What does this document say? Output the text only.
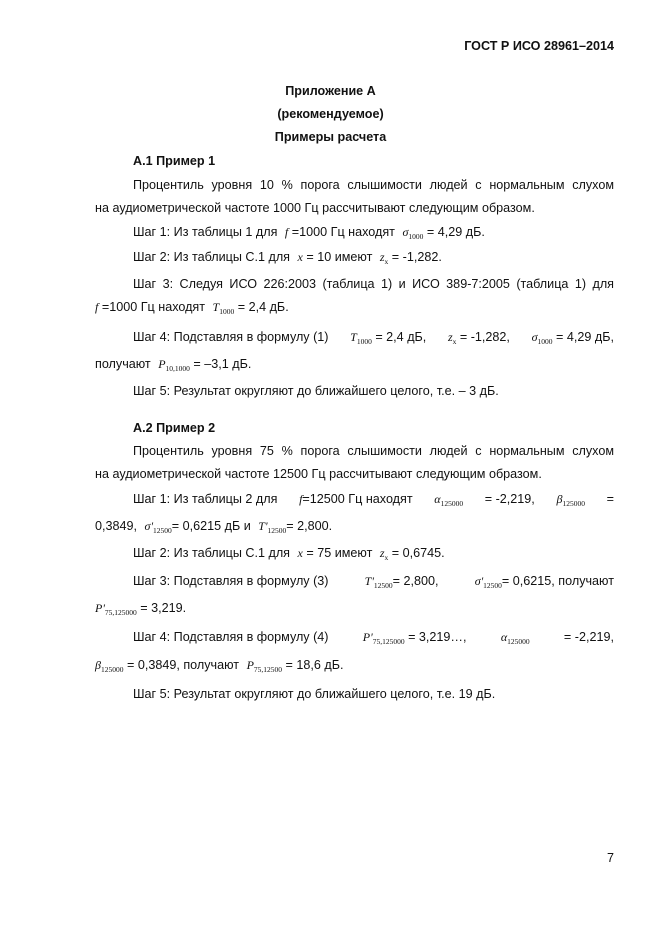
ГОСТ Р ИСО 28961–2014
Приложение А
(рекомендуемое)
Примеры расчета
А.1 Пример 1
Процентиль уровня 10 % порога слышимости людей с нормальным слухом
на аудиометрической частоте 1000 Гц рассчитывают следующим образом.
Шаг 1: Из таблицы 1 для f =1000 Гц находят $\sigma_{1000} = 4,29$ дБ.
Шаг 2: Из таблицы С.1 для x = 10 имеют $z_x = -1,282$.
Шаг 3: Следуя ИСО 226:2003 (таблица 1) и ИСО 389-7:2005 (таблица 1) для
f =1000 Гц находят $T_{1000} = 2,4$ дБ.
Шаг 4: Подставляя в формулу (1) $T_{1000} = 2,4$ дБ, $z_x = -1,282$, $\sigma_{1000} = 4,29$ дБ,
получают $P_{10,1000} = -3,1$ дБ.
Шаг 5: Результат округляют до ближайшего целого, т.е. – 3 дБ.
А.2 Пример 2
Процентиль уровня 75 % порога слышимости людей с нормальным слухом
на аудиометрической частоте 12500 Гц рассчитывают следующим образом.
Шаг 1: Из таблицы 2 для f=12500 Гц находят $\alpha_{125000} = -2,219$, $\beta_{125000}$ =
0,3849, $\sigma'_{12500}= 0,6215$ дБ и $T'_{12500}= 2,800$.
Шаг 2: Из таблицы С.1 для x = 75 имеют $z_x = 0,6745$.
Шаг 3: Подставляя в формулу (3)	$T'_{12500}= 2,800$,	$\sigma'_{12500}= 0,6215$, получают
$P'_{75,125000} = 3,219$.
Шаг 4: Подставляя в формулу (4)	$P'_{75,125000}$ = 3,219…,	$\alpha_{125000}$	= -2,219,
$\beta_{125000} = 0,3849$, получают $P_{75,12500} = 18,6$ дБ.
Шаг 5: Результат округляют до ближайшего целого, т.е. 19 дБ.
7
